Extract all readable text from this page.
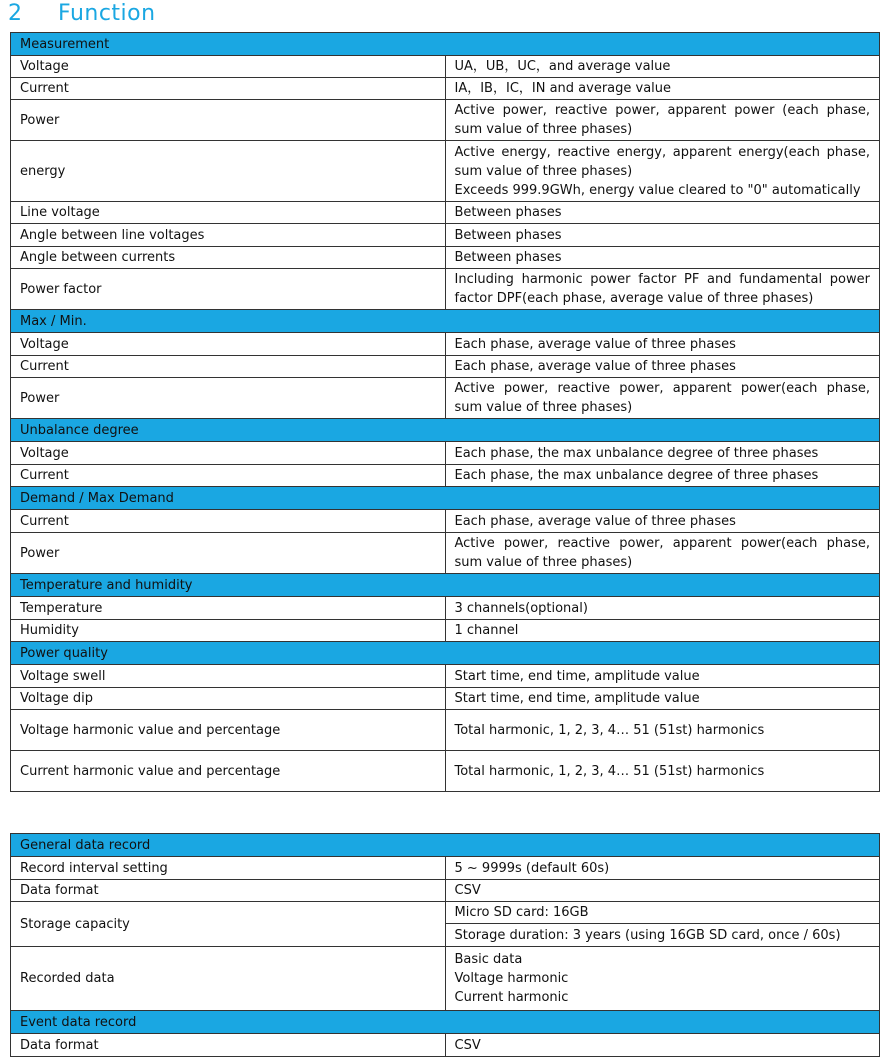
2	Function
Measurement	
Voltage	UA，UB，UC，and average value

Current	IA，IB，IC，IN and average value

Power	Active power, reactive power, apparent power (each phase, sum value of three phases)

energy	Active energy, reactive energy, apparent energy(each phase, sum value of three phases)
Exceeds 999.9GWh, energy value cleared to "0" automatically

Line voltage	Between phases

Angle between line voltages	Between phases

Angle between currents	Between phases

Power factor	Including harmonic power factor PF and fundamental power factor DPF(each phase, average value of three phases)

Max / Min.	
Voltage	Each phase, average value of three phases

Current	Each phase, average value of three phases

Power	Active power, reactive power, apparent power(each phase, sum value of three phases)

Unbalance degree	
Voltage	Each phase, the max unbalance degree of three phases

Current	Each phase, the max unbalance degree of three phases

Demand / Max Demand	
Current	Each phase, average value of three phases

Power	Active power, reactive power, apparent power(each phase, sum value of three phases)

Temperature and humidity	
Temperature	3 channels(optional)

Humidity	1 channel

Power quality	
Voltage swell	Start time, end time, amplitude value

Voltage dip	Start time, end time, amplitude value

Voltage harmonic value and percentage	Total harmonic, 1, 2, 3, 4… 51 (51st) harmonics

Current harmonic value and percentage	Total harmonic, 1, 2, 3, 4… 51 (51st) harmonics
General data record	
Record interval setting	5 ~ 9999s (default 60s)

Data format	CSV

Storage capacity	Micro SD card: 16GB

	Storage duration: 3 years (using 16GB SD card, once / 60s)

Recorded data	Basic data
Voltage harmonic
Current harmonic

Event data record	
Data format	CSV
